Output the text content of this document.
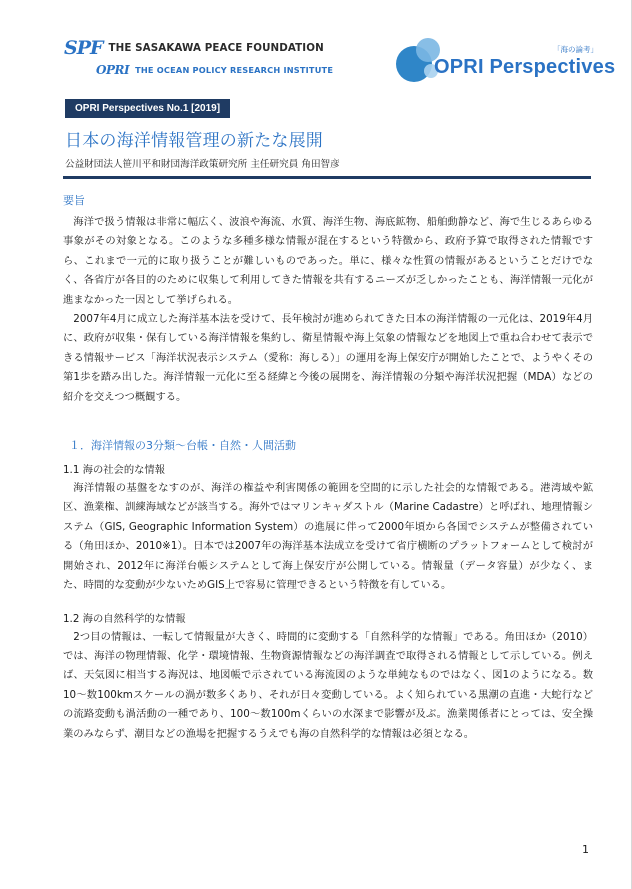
SPF THE SASAKAWA PEACE FOUNDATION
OPRI THE OCEAN POLICY RESEARCH INSTITUTE
「海の論考」
OPRI Perspectives
OPRI Perspectives No.1 [2019]
日本の海洋情報管理の新たな展開
公益財団法人笹川平和財団海洋政策研究所 主任研究員 角田智彦
要旨

海洋で扱う情報は非常に幅広く、波浪や海流、水質、海洋生物、海底鉱物、船舶動静など、海で生じるあらゆる事象がその対象となる。このような多種多様な情報が混在するという特徴から、政府予算で取得された情報ですら、これまで一元的に取り扱うことが難しいものであった。単に、様々な性質の情報があるということだけでなく、各省庁が各目的のために収集して利用してきた情報を共有するニーズが乏しかったことも、海洋情報一元化が進まなかった一因として挙げられる。

2007年4月に成立した海洋基本法を受けて、長年検討が進められてきた日本の海洋情報の一元化は、2019年4月に、政府が収集・保有している海洋情報を集約し、衛星情報や海上気象の情報などを地図上で重ね合わせて表示できる情報サービス「海洋状況表示システム（愛称：海しる）」の運用を海上保安庁が開始したことで、ようやくその第1歩を踏み出した。海洋情報一元化に至る経緯と今後の展開を、海洋情報の分類や海洋状況把握（MDA）などの紹介を交えつつ概観する。

１．海洋情報の3分類～台帳・自然・人間活動
1.1 海の社会的な情報

海洋情報の基盤をなすのが、海洋の権益や利害関係の範囲を空間的に示した社会的な情報である。港湾域や鉱区、漁業権、訓練海域などが該当する。海外ではマリンキャダストル（Marine Cadastre）と呼ばれ、地理情報システム（GIS, Geographic Information System）の進展に伴って2000年頃から各国でシステムが整備されている（角田ほか、2010※1）。日本では2007年の海洋基本法成立を受けて省庁横断のプラットフォームとして検討が開始され、2012年に海洋台帳システムとして海上保安庁が公開している。情報量（データ容量）が少なく、また、時間的な変動が少ないためGIS上で容易に管理できるという特徴を有している。

1.2 海の自然科学的な情報

2つ目の情報は、一転して情報量が大きく、時間的に変動する「自然科学的な情報」である。角田ほか（2010）では、海洋の物理情報、化学・環境情報、生物資源情報などの海洋調査で取得される情報として示している。例えば、天気図に相当する海況は、地図帳で示されている海流図のような単純なものではなく、図1のようになる。数10～数100kmスケールの渦が数多くあり、それが日々変動している。よく知られている黒潮の直進・大蛇行などの流路変動も渦活動の一種であり、100～数100mくらいの水深まで影響が及ぶ。漁業関係者にとっては、安全操業のみならず、潮目などの漁場を把握するうえでも海の自然科学的な情報は必須となる。

1
